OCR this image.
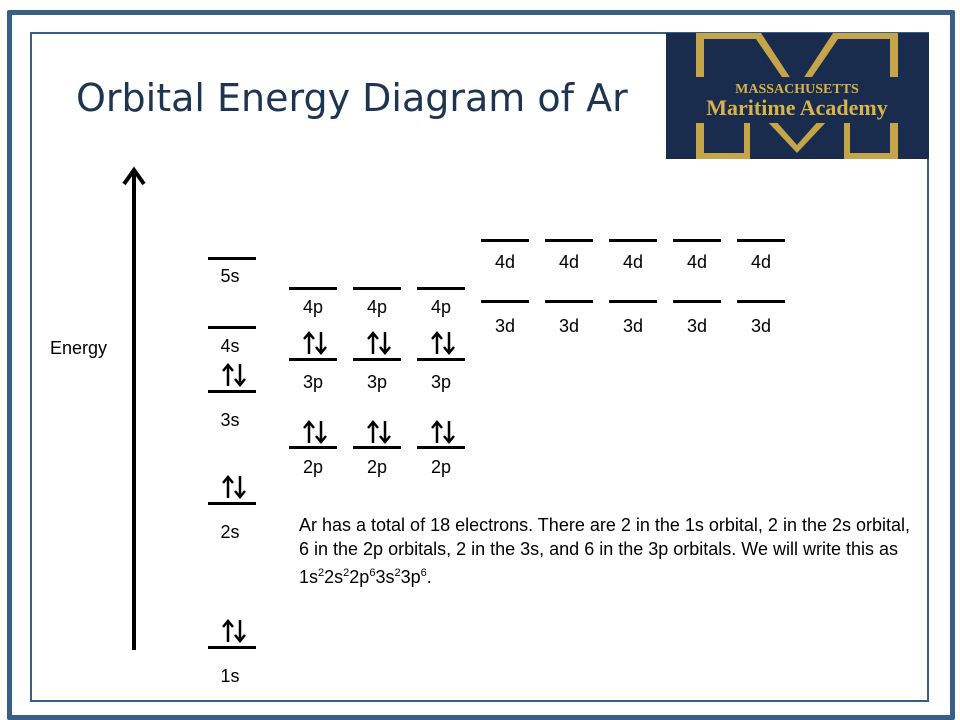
Orbital Energy Diagram of Ar	MASSACHUSETTS
Maritime Academy
Energy
5s
4s
3s
2s
1s
4p	4p	4p
3p	3p	3p
2p	2p	2p
4d	4d	4d	4d	4d
3d	3d	3d	3d	3d
Ar has a total of 18 electrons. There are 2 in the 1s orbital, 2 in the 2s orbital, 6 in the 2p orbitals, 2 in the 3s, and 6 in the 3p orbitals. We will write this as $1s^22s^22p^63s^23p^6$.
